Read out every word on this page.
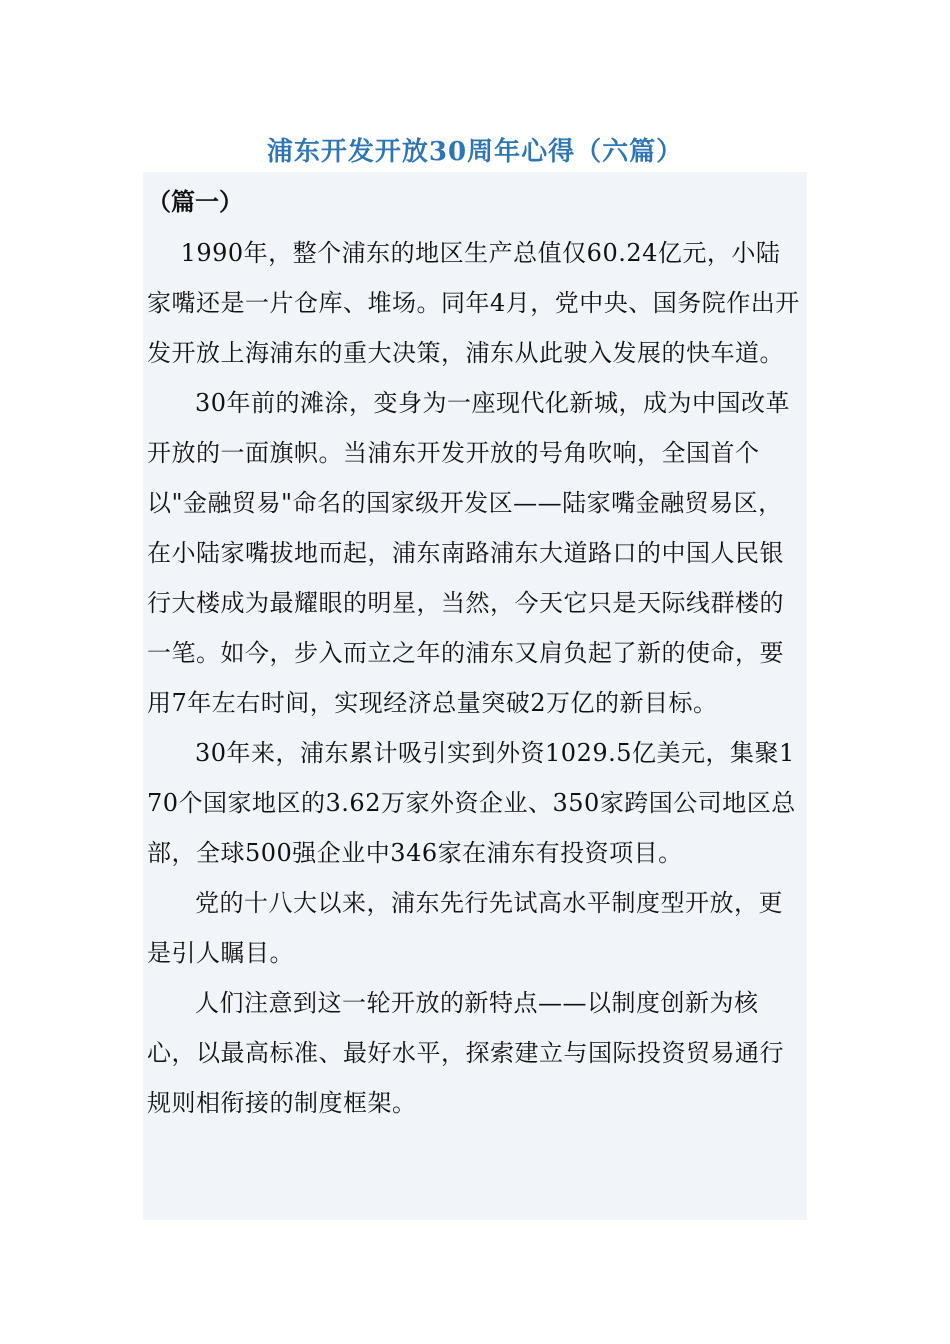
浦东开发开放30周年心得（六篇）
（篇一）

1990年，整个浦东的地区生产总值仅60.24亿元，小陆家嘴还是一片仓库、堆场。同年4月，党中央、国务院作出开发开放上海浦东的重大决策，浦东从此驶入发展的快车道。

30年前的滩涂，变身为一座现代化新城，成为中国改革开放的一面旗帜。当浦东开发开放的号角吹响，全国首个以"金融贸易"命名的国家级开发区——陆家嘴金融贸易区，在小陆家嘴拔地而起，浦东南路浦东大道路口的中国人民银行大楼成为最耀眼的明星，当然，今天它只是天际线群楼的一笔。如今，步入而立之年的浦东又肩负起了新的使命，要用7年左右时间，实现经济总量突破2万亿的新目标。

30年来，浦东累计吸引实到外资1029.5亿美元，集聚170个国家地区的3.62万家外资企业、350家跨国公司地区总部，全球500强企业中346家在浦东有投资项目。

党的十八大以来，浦东先行先试高水平制度型开放，更是引人瞩目。

人们注意到这一轮开放的新特点——以制度创新为核心，以最高标准、最好水平，探索建立与国际投资贸易通行规则相衔接的制度框架。
